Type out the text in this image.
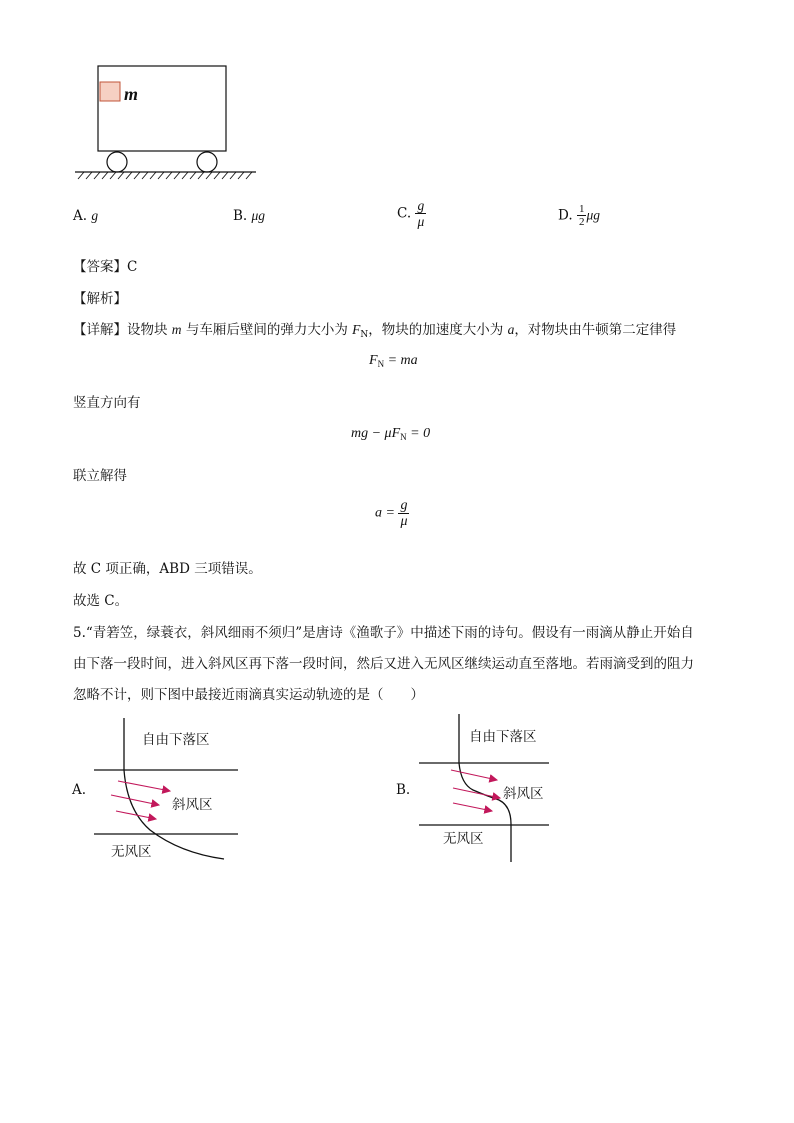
m
A. g	B. μg	C. $\frac{g}{\mu}$	D. $\frac{1}{2}$ μg
【答案】C
【解析】
【详解】设物块 m 与车厢后壁间的弹力大小为 $F_N$，物块的加速度大小为 a，对物块由牛顿第二定律得
$F_N$ = ma
竖直方向有
mg − $\mu F_N = 0$
联立解得
$a = \frac{g}{\mu}$
故 C 项正确，ABD 三项错误。
故选 C。
5.“青箬笠，绿蓑衣，斜风细雨不须归”是唐诗《渔歌子》中描述下雨的诗句。假设有一雨滴从静止开始自
由下落一段时间，进入斜风区再下落一段时间，然后又进入无风区继续运动直至落地。若雨滴受到的阻力
忽略不计，则下图中最接近雨滴真实运动轨迹的是（　　）
A.
自由下落区
斜风区
无风区
B.
自由下落区
斜风区
无风区
